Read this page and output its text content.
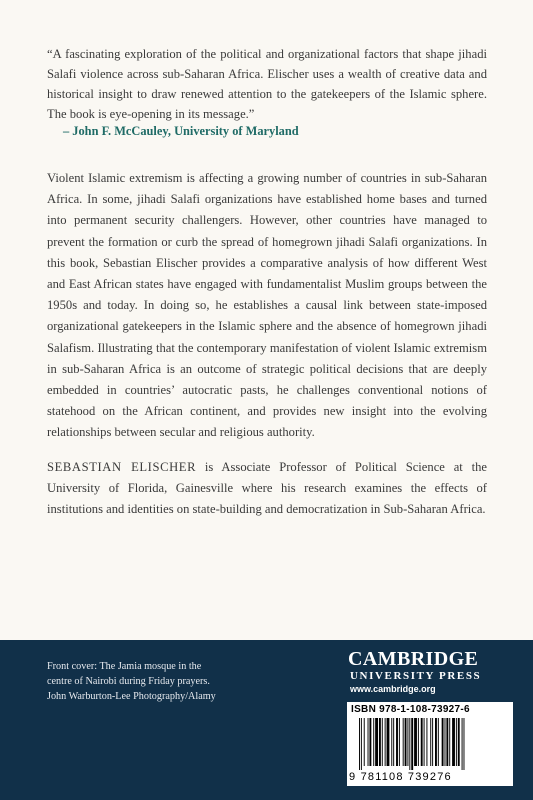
“A fascinating exploration of the political and organizational factors that shape jihadi Salafi violence across sub-Saharan Africa. Elischer uses a wealth of creative data and historical insight to draw renewed attention to the gatekeepers of the Islamic sphere. The book is eye-opening in its message.”

– John F. McCauley, University of Maryland

Violent Islamic extremism is affecting a growing number of countries in sub-Saharan Africa. In some, jihadi Salafi organizations have established home bases and turned into permanent security challengers. However, other countries have managed to prevent the formation or curb the spread of homegrown jihadi Salafi organizations. In this book, Sebastian Elischer provides a comparative analysis of how different West and East African states have engaged with fundamentalist Muslim groups between the 1950s and today. In doing so, he establishes a causal link between state-imposed organizational gatekeepers in the Islamic sphere and the absence of homegrown jihadi Salafism. Illustrating that the contemporary manifestation of violent Islamic extremism in sub-Saharan Africa is an outcome of strategic political decisions that are deeply embedded in countries’ autocratic pasts, he challenges conventional notions of statehood on the African continent, and provides new insight into the evolving relationships between secular and religious authority.

SEBASTIAN ELISCHER is Associate Professor of Political Science at the University of Florida, Gainesville where his research examines the effects of institutions and identities on state-building and democratization in Sub-Saharan Africa.

Front cover: The Jamia mosque in the
centre of Nairobi during Friday prayers.
John Warburton-Lee Photography/Alamy
CAMBRIDGE
UNIVERSITY PRESS
www.cambridge.org
ISBN 978-1-108-73927-6
9 781108 739276
